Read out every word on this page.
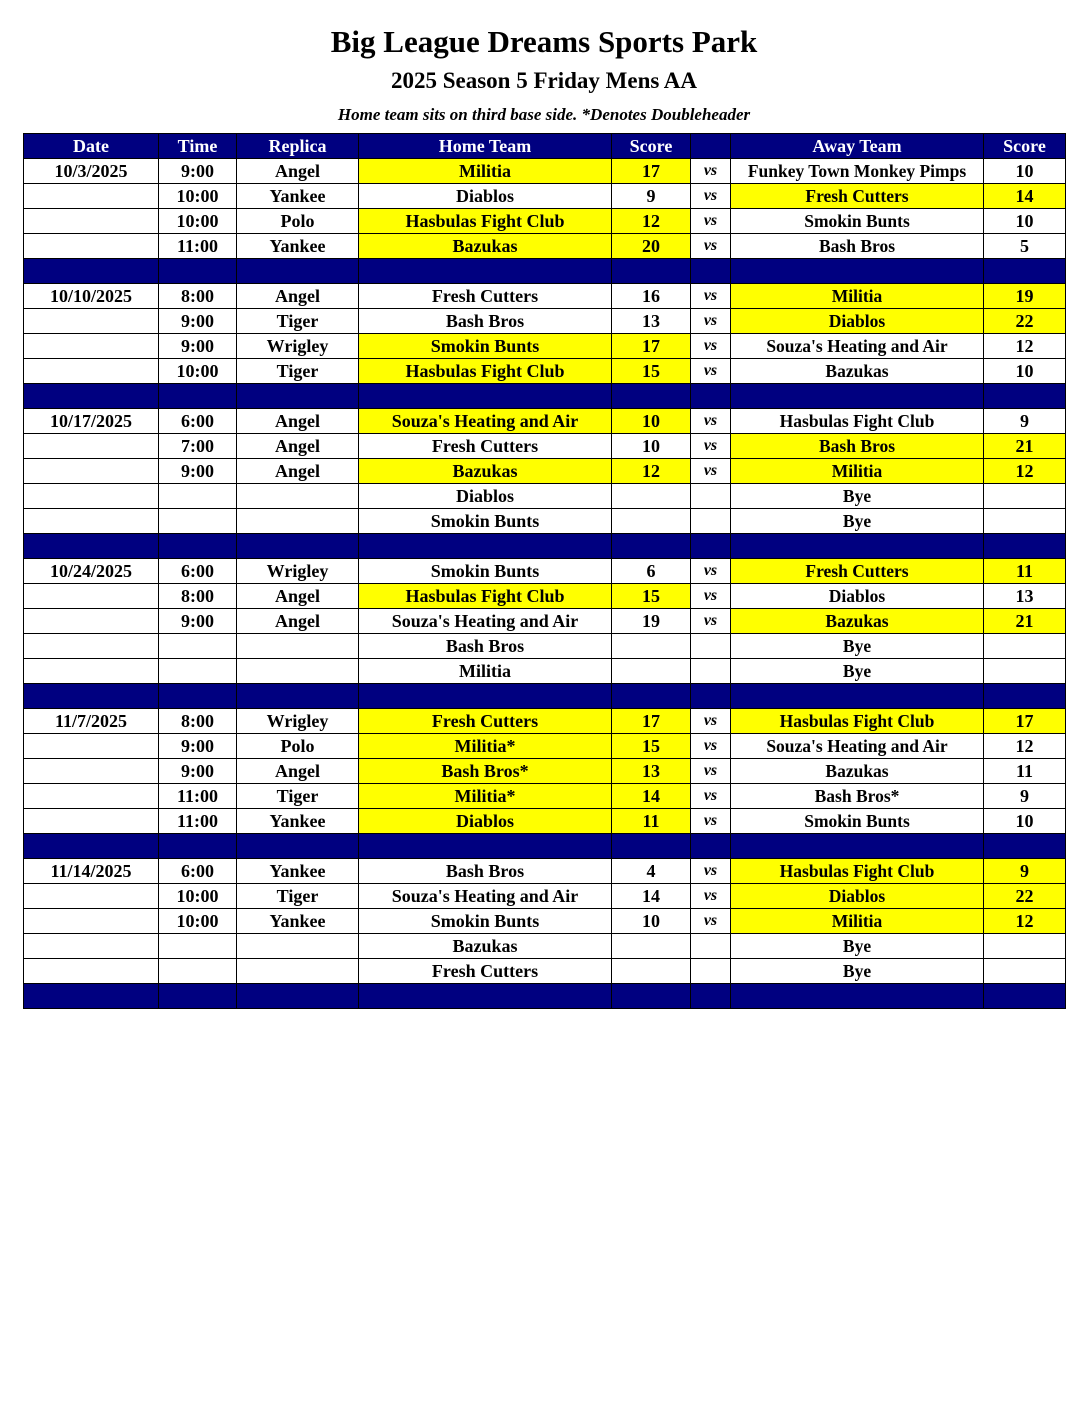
Big League Dreams Sports Park
2025 Season 5 Friday Mens AA
Home team sits on third base side. *Denotes Doubleheader
Date	Time	Replica	Home Team	Score		Away Team	Score
10/3/2025	9:00	Angel	Militia	17	vs	Funkey Town Monkey Pimps	10
	10:00	Yankee	Diablos	9	vs	Fresh Cutters	14
	10:00	Polo	Hasbulas Fight Club	12	vs	Smokin Bunts	10
	11:00	Yankee	Bazukas	20	vs	Bash Bros	5

10/10/2025	8:00	Angel	Fresh Cutters	16	vs	Militia	19
	9:00	Tiger	Bash Bros	13	vs	Diablos	22
	9:00	Wrigley	Smokin Bunts	17	vs	Souza's Heating and Air	12
	10:00	Tiger	Hasbulas Fight Club	15	vs	Bazukas	10

10/17/2025	6:00	Angel	Souza's Heating and Air	10	vs	Hasbulas Fight Club	9
	7:00	Angel	Fresh Cutters	10	vs	Bash Bros	21
	9:00	Angel	Bazukas	12	vs	Militia	12
			Diablos			Bye	
			Smokin Bunts			Bye	

10/24/2025	6:00	Wrigley	Smokin Bunts	6	vs	Fresh Cutters	11
	8:00	Angel	Hasbulas Fight Club	15	vs	Diablos	13
	9:00	Angel	Souza's Heating and Air	19	vs	Bazukas	21
			Bash Bros			Bye	
			Militia			Bye	

11/7/2025	8:00	Wrigley	Fresh Cutters	17	vs	Hasbulas Fight Club	17
	9:00	Polo	Militia*	15	vs	Souza's Heating and Air	12
	9:00	Angel	Bash Bros*	13	vs	Bazukas	11
	11:00	Tiger	Militia*	14	vs	Bash Bros*	9
	11:00	Yankee	Diablos	11	vs	Smokin Bunts	10

11/14/2025	6:00	Yankee	Bash Bros	4	vs	Hasbulas Fight Club	9
	10:00	Tiger	Souza's Heating and Air	14	vs	Diablos	22
	10:00	Yankee	Smokin Bunts	10	vs	Militia	12
			Bazukas			Bye	
			Fresh Cutters			Bye	
